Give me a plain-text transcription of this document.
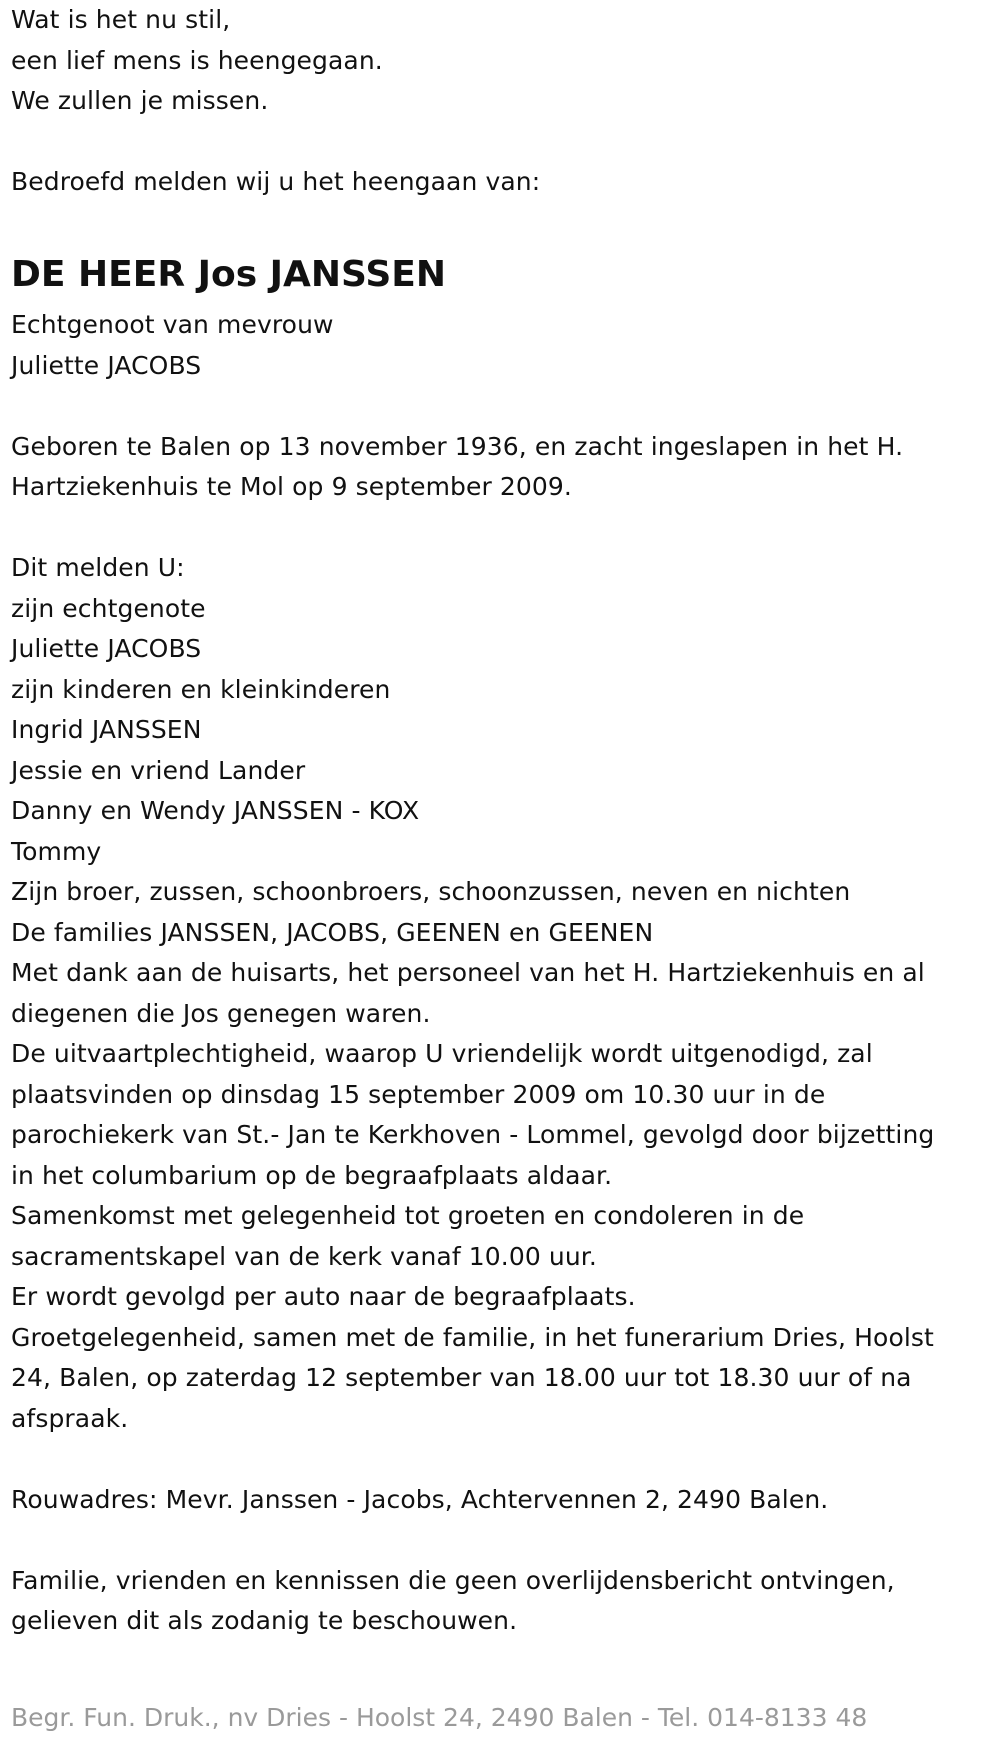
Wat is het nu stil,
een lief mens is heengegaan.
We zullen je missen.
Bedroefd melden wij u het heengaan van:
DE HEER Jos JANSSEN
Echtgenoot van mevrouw
Juliette JACOBS
Geboren te Balen op 13 november 1936, en zacht ingeslapen in het H.
Hartziekenhuis te Mol op 9 september 2009.
Dit melden U:
zijn echtgenote
Juliette JACOBS
zijn kinderen en kleinkinderen
Ingrid JANSSEN
Jessie en vriend Lander
Danny en Wendy JANSSEN - KOX
Tommy
Zijn broer, zussen, schoonbroers, schoonzussen, neven en nichten
De families JANSSEN, JACOBS, GEENEN en GEENEN
Met dank aan de huisarts, het personeel van het H. Hartziekenhuis en al
diegenen die Jos genegen waren.
De uitvaartplechtigheid, waarop U vriendelijk wordt uitgenodigd, zal
plaatsvinden op dinsdag 15 september 2009 om 10.30 uur in de
parochiekerk van St.- Jan te Kerkhoven - Lommel, gevolgd door bijzetting
in het columbarium op de begraafplaats aldaar.
Samenkomst met gelegenheid tot groeten en condoleren in de
sacramentskapel van de kerk vanaf 10.00 uur.
Er wordt gevolgd per auto naar de begraafplaats.
Groetgelegenheid, samen met de familie, in het funerarium Dries, Hoolst
24, Balen, op zaterdag 12 september van 18.00 uur tot 18.30 uur of na
afspraak.
Rouwadres: Mevr. Janssen - Jacobs, Achtervennen 2, 2490 Balen.
Familie, vrienden en kennissen die geen overlijdensbericht ontvingen,
gelieven dit als zodanig te beschouwen.
Begr. Fun. Druk., nv Dries - Hoolst 24, 2490 Balen - Tel. 014-8133 48
